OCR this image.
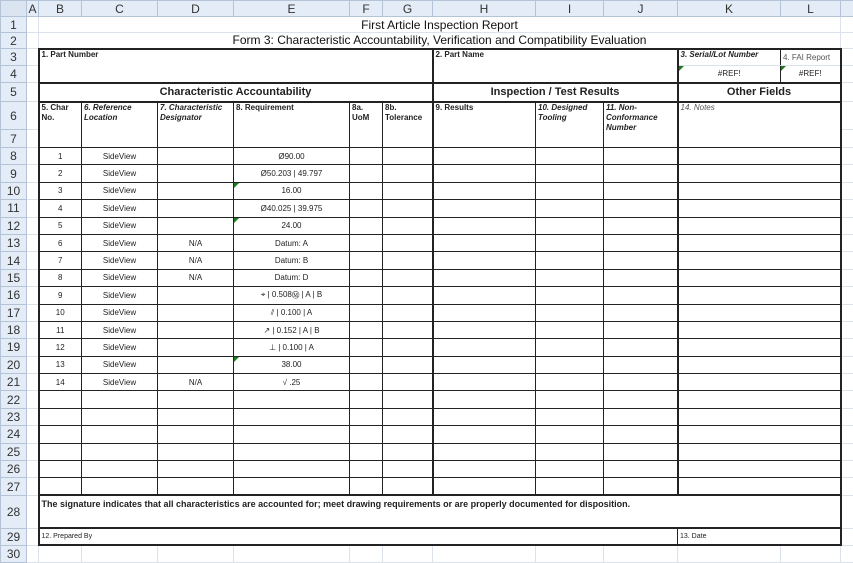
	A	B	C	D	E	F	G	H	I	J	K	L	
1		First Article Inspection Report											
2		Form 3: Characteristic Accountability, Verification and Compatibility Evaluation											
3		1. Part Number						2. Part Name			3. Serial/Lot Number	4. FAI Report	
4											#REF!	#REF!	
5		Characteristic Accountability						Inspection / Test Results			Other Fields		
6		5. Char No.	6. Reference Location	7. Characteristic Designator	8. Requirement	8a. UoM	8b. Tolerance	9. Results	10. Designed Tooling	11. Non-Conformance Number	14. Notes		
7													
8		1	SideView		Ø90.00								
9		2	SideView		Ø50.203 | 49.797								
10		3	SideView		16.00								
11		4	SideView		Ø40.025 | 39.975								
12		5	SideView		24.00								
13		6	SideView	N/A	Datum: A								
14		7	SideView	N/A	Datum: B								
15		8	SideView	N/A	Datum: D								
16		9	SideView		⌖ | 0.508Ⓜ | A | B								
17		10	SideView		⫽ | 0.100 | A								
18		11	SideView		↗ | 0.152 | A | B								
19		12	SideView		⊥ | 0.100 | A								
20		13	SideView		38.00								
21		14	SideView	N/A	√ .25								
22													
23													
24													
25													
26													
27													
28		The signature indicates that all characteristics are accounted for; meet drawing requirements or are properly documented for disposition.											
29		12. Prepared By									13. Date		
30													
